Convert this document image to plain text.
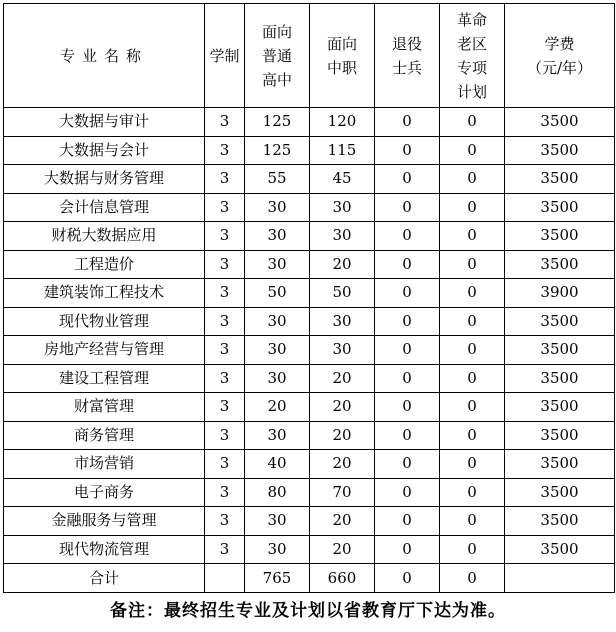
专业名称	学制	面向
普通
高中	面向
中职	退役
士兵	革命
老区
专项
计划	学费
（元/年）
大数据与审计	3	125	120	0	0	3500
大数据与会计	3	125	115	0	0	3500
大数据与财务管理	3	55	45	0	0	3500
会计信息管理	3	30	30	0	0	3500
财税大数据应用	3	30	30	0	0	3500
工程造价	3	30	20	0	0	3500
建筑装饰工程技术	3	50	50	0	0	3900
现代物业管理	3	30	30	0	0	3500
房地产经营与管理	3	30	30	0	0	3500
建设工程管理	3	30	20	0	0	3500
财富管理	3	20	20	0	0	3500
商务管理	3	30	20	0	0	3500
市场营销	3	40	20	0	0	3500
电子商务	3	80	70	0	0	3500
金融服务与管理	3	30	20	0	0	3500
现代物流管理	3	30	20	0	0	3500
合计		765	660	0	0	
备注：最终招生专业及计划以省教育厅下达为准。
